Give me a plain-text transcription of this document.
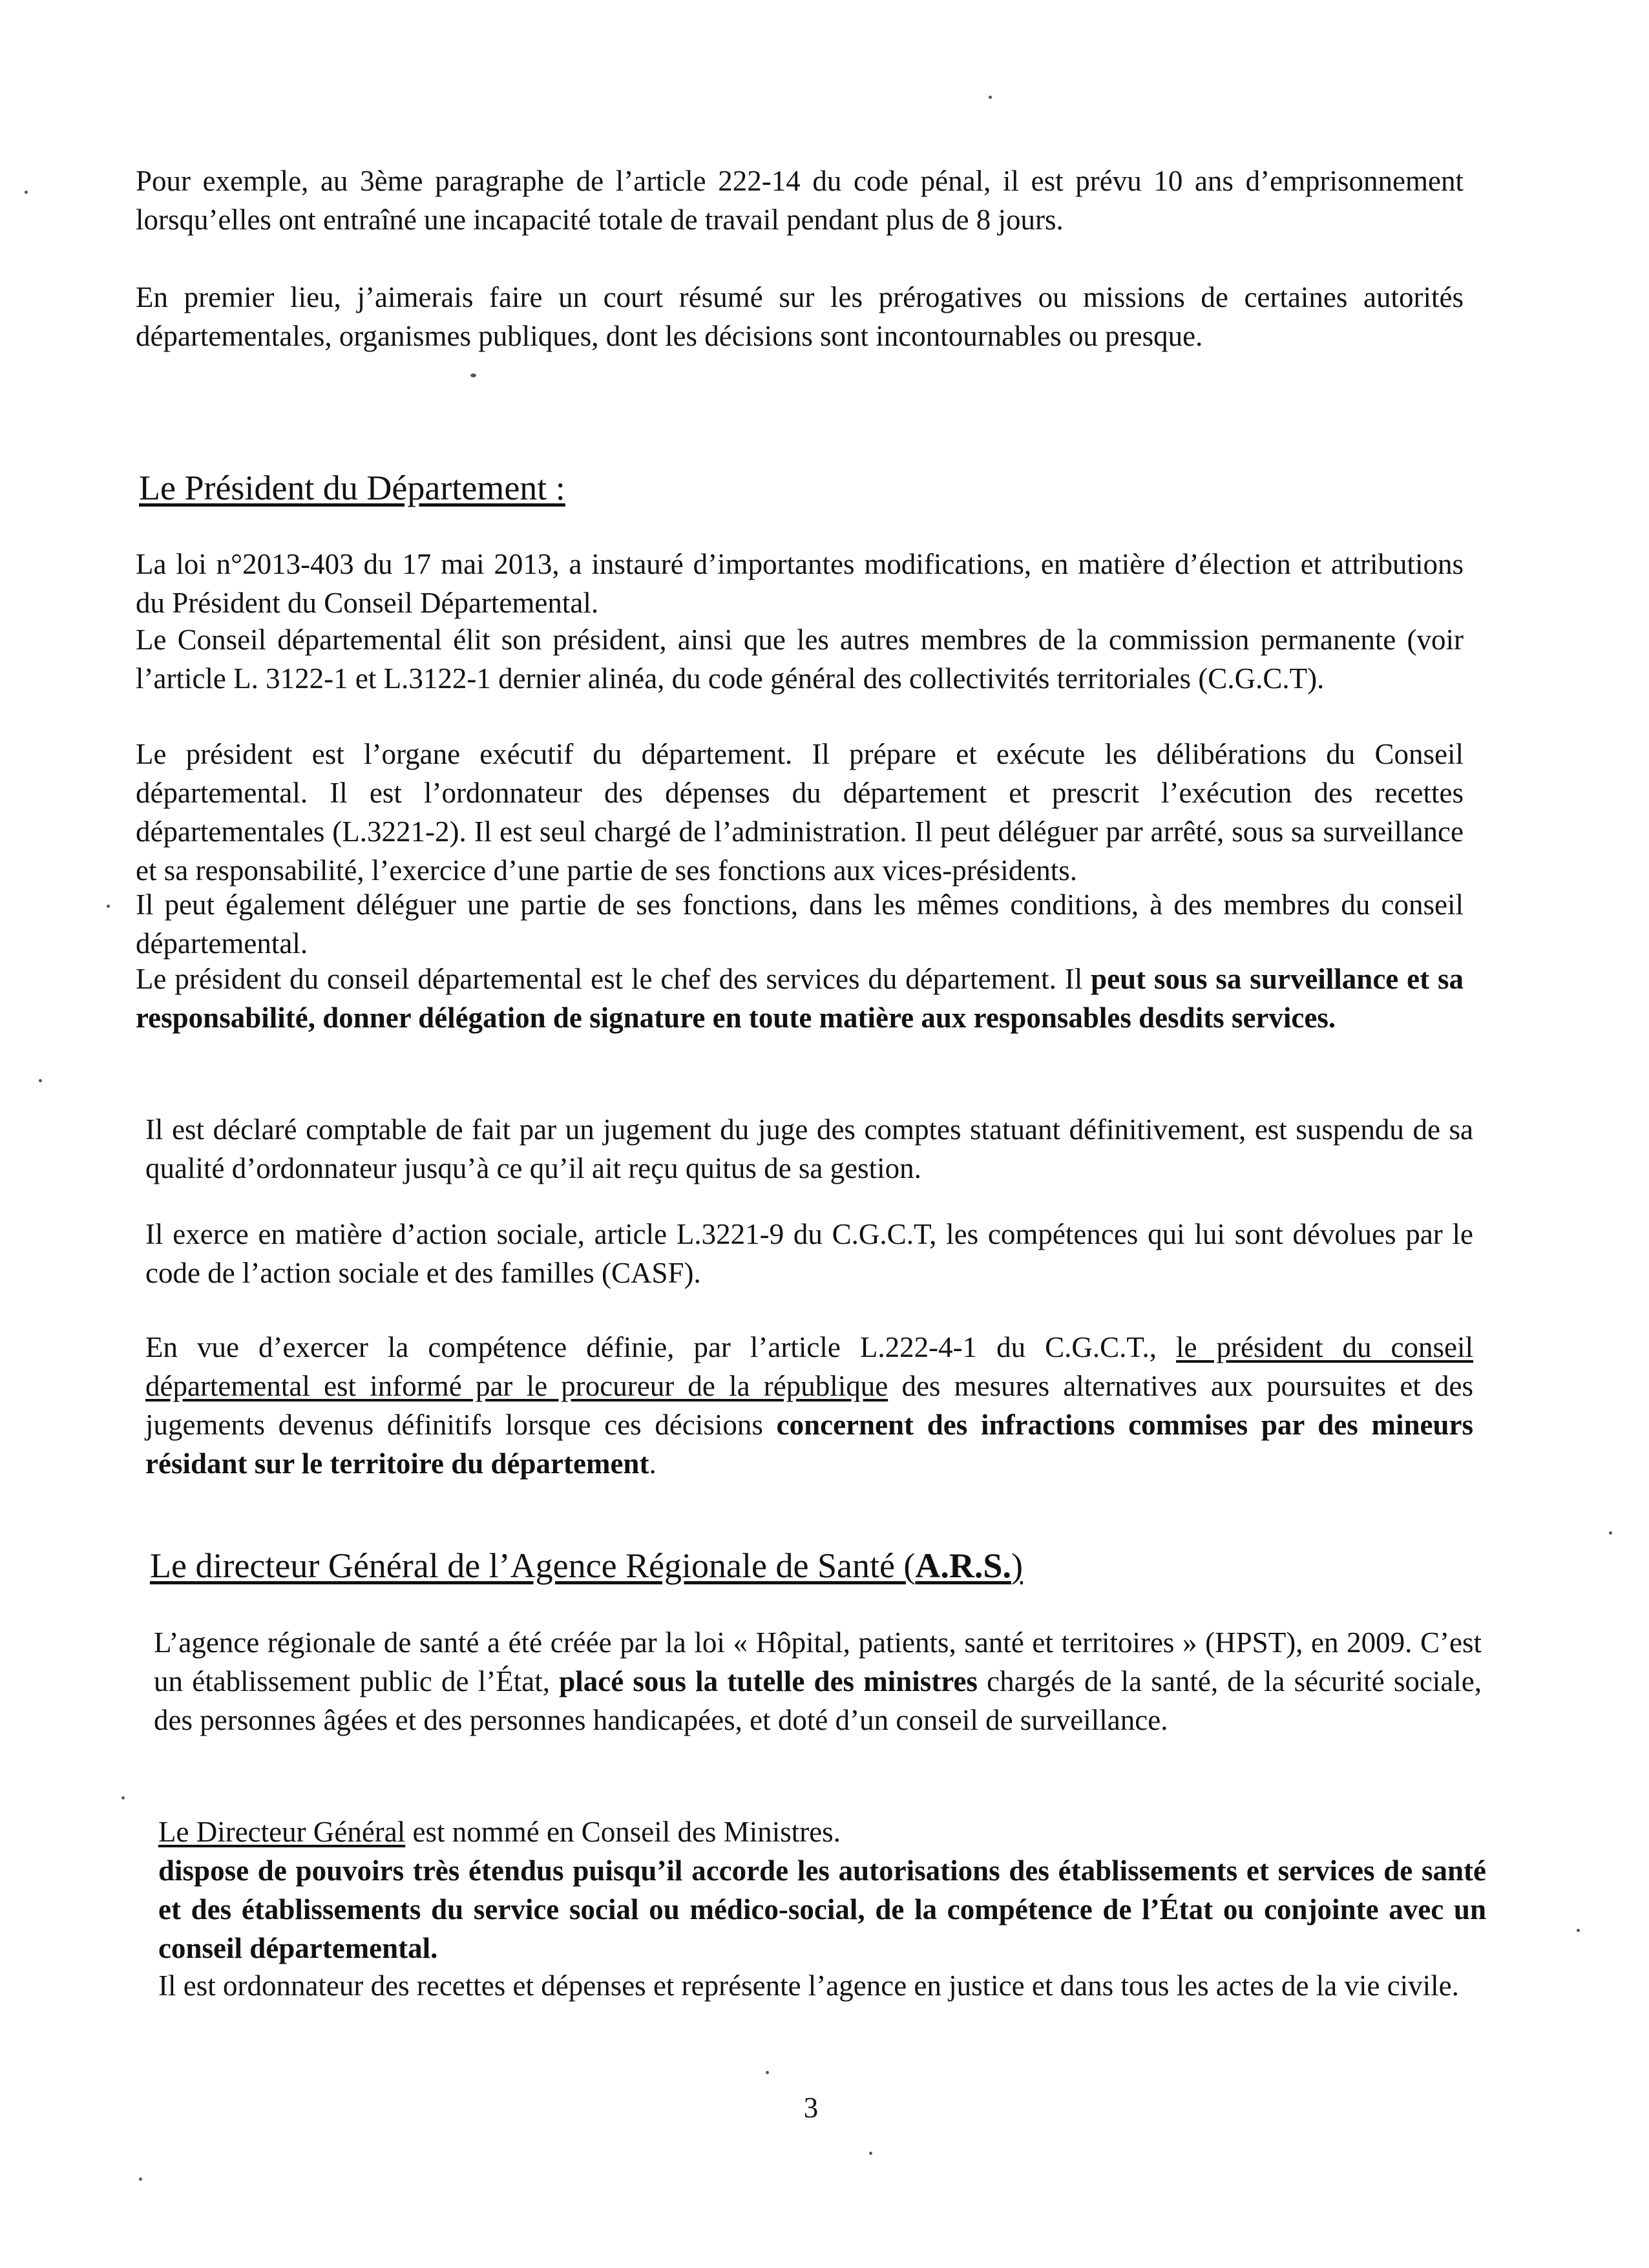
Pour exemple, au 3ème paragraphe de l’article 222-14 du code pénal, il est prévu 10 ans d’emprisonnement lorsqu’elles ont entraîné une incapacité totale de travail pendant plus de 8 jours.

En premier lieu, j’aimerais faire un court résumé sur les prérogatives ou missions de certaines autorités départementales, organismes publiques, dont les décisions sont incontournables ou presque.

Le Président du Département :

La loi n°2013-403 du 17 mai 2013, a instauré d’importantes modifications, en matière d’élection et attributions du Président du Conseil Départemental.

Le Conseil départemental élit son président, ainsi que les autres membres de la commission permanente (voir l’article L. 3122-1 et L.3122-1 dernier alinéa, du code général des collectivités territoriales (C.G.C.T).

Le président est l’organe exécutif du département. Il prépare et exécute les délibérations du Conseil départemental. Il est l’ordonnateur des dépenses du département et prescrit l’exécution des recettes départementales (L.3221-2). Il est seul chargé de l’administration. Il peut déléguer par arrêté, sous sa surveillance et sa responsabilité, l’exercice d’une partie de ses fonctions aux vices-présidents.

Il peut également déléguer une partie de ses fonctions, dans les mêmes conditions, à des membres du conseil départemental.

Le président du conseil départemental est le chef des services du département. Il peut sous sa surveillance et sa responsabilité, donner délégation de signature en toute matière aux responsables desdits services.

Il est déclaré comptable de fait par un jugement du juge des comptes statuant définitivement, est suspendu de sa qualité d’ordonnateur jusqu’à ce qu’il ait reçu quitus de sa gestion.

Il exerce en matière d’action sociale, article L.3221-9 du C.G.C.T, les compétences qui lui sont dévolues par le code de l’action sociale et des familles (CASF).

En vue d’exercer la compétence définie, par l’article L.222-4-1 du C.G.C.T., le président du conseil départemental est informé par le procureur de la république des mesures alternatives aux poursuites et des jugements devenus définitifs lorsque ces décisions concernent des infractions commises par des mineurs résidant sur le territoire du département.

Le directeur Général de l’Agence Régionale de Santé (A.R.S.)

L’agence régionale de santé a été créée par la loi « Hôpital, patients, santé et territoires » (HPST), en 2009. C’est un établissement public de l’État, placé sous la tutelle des ministres chargés de la santé, de la sécurité sociale, des personnes âgées et des personnes handicapées, et doté d’un conseil de surveillance.

Le Directeur Général est nommé en Conseil des Ministres.

dispose de pouvoirs très étendus puisqu’il accorde les autorisations des établissements et services de santé et des établissements du service social ou médico-social, de la compétence de l’État ou conjointe avec un conseil départemental.

Il est ordonnateur des recettes et dépenses et représente l’agence en justice et dans tous les actes de la vie civile.

3
